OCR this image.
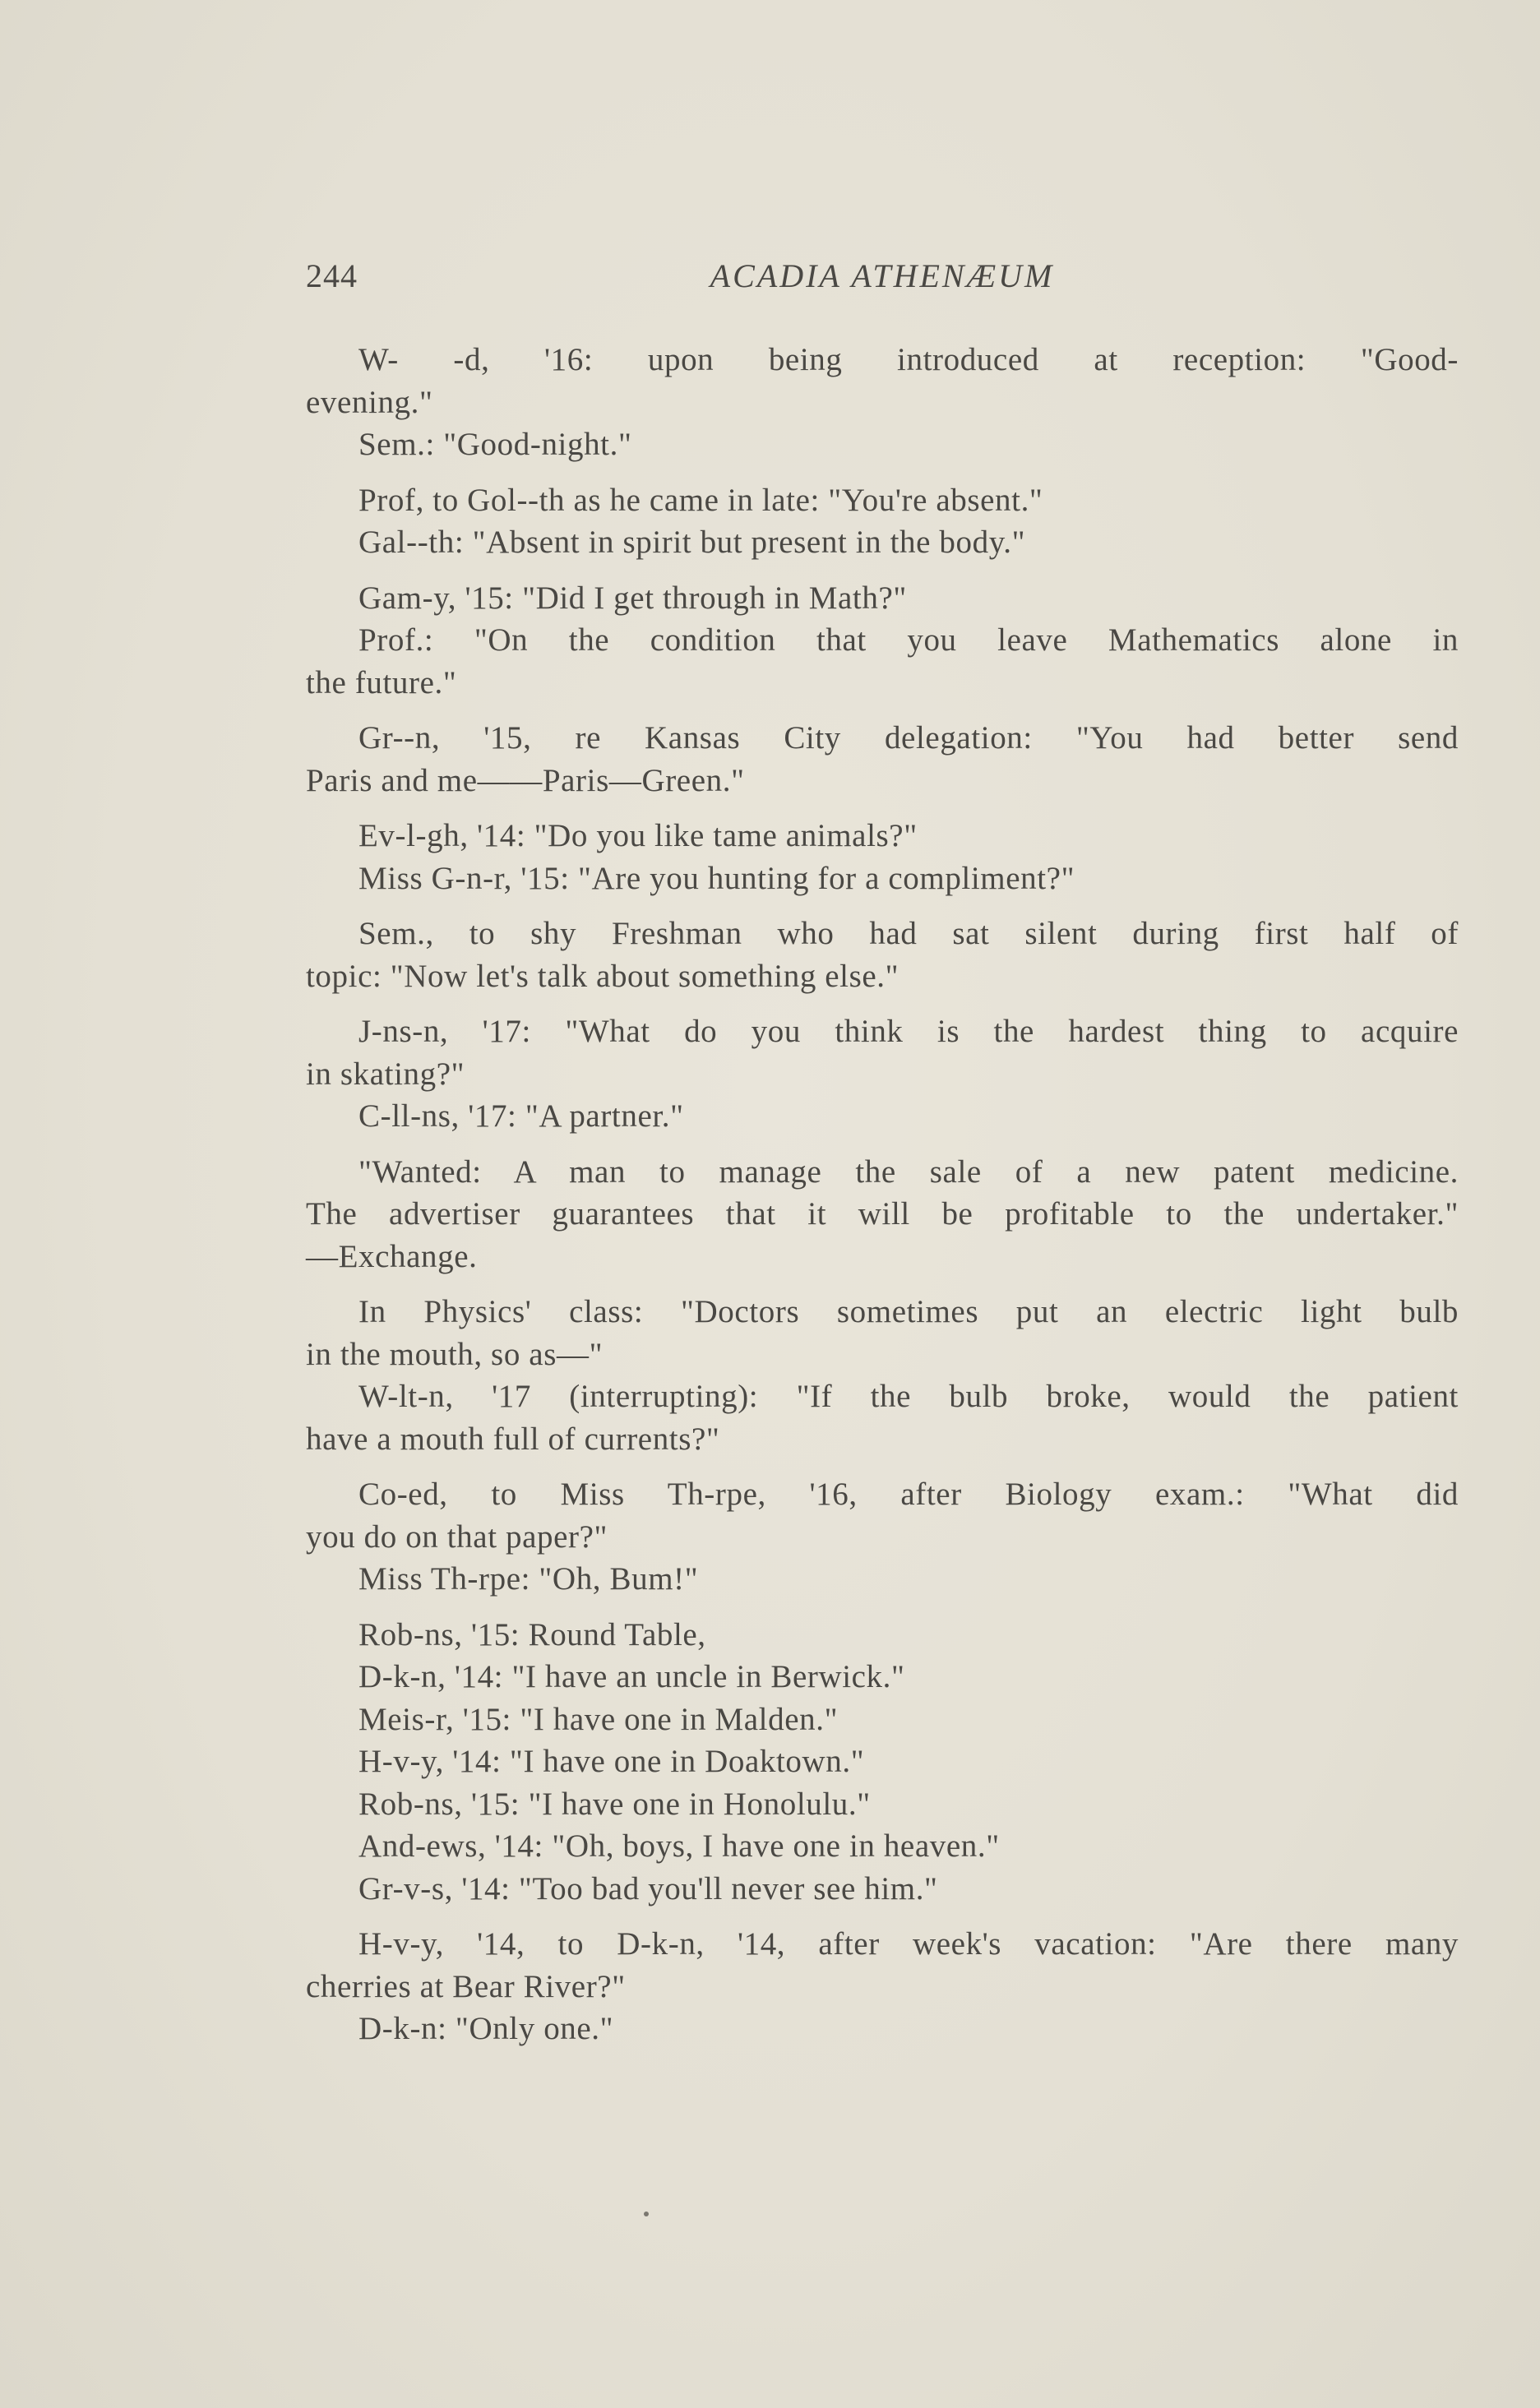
244	ACADIA ATHENÆUM
W- -d, '16: upon being introduced at reception: "Good-
evening."
Sem.: "Good-night."
Prof, to Gol--th as he came in late: "You're absent."
Gal--th: "Absent in spirit but present in the body."
Gam-y, '15: "Did I get through in Math?"
Prof.: "On the condition that you leave Mathematics alone in
the future."
Gr--n, '15, re Kansas City delegation: "You had better send
Paris and me——Paris—Green."
Ev-l-gh, '14: "Do you like tame animals?"
Miss G-n-r, '15: "Are you hunting for a compliment?"
Sem., to shy Freshman who had sat silent during first half of
topic: "Now let's talk about something else."
J-ns-n, '17: "What do you think is the hardest thing to acquire
in skating?"
C-ll-ns, '17: "A partner."
"Wanted: A man to manage the sale of a new patent medicine.
The advertiser guarantees that it will be profitable to the undertaker."
—Exchange.
In Physics' class: "Doctors sometimes put an electric light bulb
in the mouth, so as—"
W-lt-n, '17 (interrupting): "If the bulb broke, would the patient
have a mouth full of currents?"
Co-ed, to Miss Th-rpe, '16, after Biology exam.: "What did
you do on that paper?"
Miss Th-rpe: "Oh, Bum!"
Rob-ns, '15: Round Table,
D-k-n, '14: "I have an uncle in Berwick."
Meis-r, '15: "I have one in Malden."
H-v-y, '14: "I have one in Doaktown."
Rob-ns, '15: "I have one in Honolulu."
And-ews, '14: "Oh, boys, I have one in heaven."
Gr-v-s, '14: "Too bad you'll never see him."
H-v-y, '14, to D-k-n, '14, after week's vacation: "Are there many
cherries at Bear River?"
D-k-n: "Only one."
